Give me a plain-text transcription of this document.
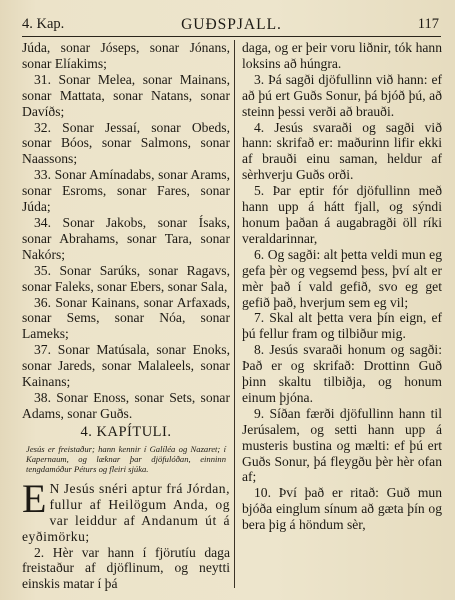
4. Kap.	GUÐSPJALL.	117

Júda, sonar Jóseps, sonar Jónans, sonar Elíakims;

31. Sonar Melea, sonar Mainans, sonar Mattata, sonar Natans, sonar Davíðs;

32. Sonar Jessaí, sonar Obeds, sonar Bóos, sonar Salmons, sonar Naassons;

33. Sonar Amínadabs, sonar Arams, sonar Esroms, sonar Fares, sonar Júda;

34. Sonar Jakobs, sonar Ísaks, sonar Abrahams, sonar Tara, sonar Nakórs;

35. Sonar Sarúks, sonar Ragavs, sonar Faleks, sonar Ebers, sonar Sala,

36. Sonar Kainans, sonar Arfaxads, sonar Sems, sonar Nóa, sonar Lameks;

37. Sonar Matúsala, sonar Enoks, sonar Jareds, sonar Malaleels, sonar Kainans;

38. Sonar Enoss, sonar Sets, sonar Adams, sonar Guðs.

4. KAPÍTULI.
Jesús er freistaður; hann kennir í Galíléa og Nazaret; í Kapernaum, og læknar þar djöfulóðan, einninn tengdamóður Péturs og fleiri sjúka.
E N Jesús snéri aptur frá Jórdan, fullur af Heilögum Anda, og var leiddur af Andanum út á eyðimörku;

2. Hèr var hann í fjörutíu daga freistaður af djöflinum, og neytti einskis matar í þá

daga, og er þeir voru liðnir, tók hann loksins að húngra.

3. Þá sagði djöfullinn við hann: ef að þú ert Guðs Sonur, þá bjóð þú, að steinn þessi verði að brauði.

4. Jesús svaraði og sagði við hann: skrifað er: maðurinn lifir ekki af brauði einu saman, heldur af sèrhverju Guðs orði.

5. Þar eptir fór djöfullinn með hann upp á hátt fjall, og sýndi honum þaðan á augabragði öll ríki veraldarinnar,

6. Og sagði: alt þetta veldi mun eg gefa þèr og vegsemd þess, því alt er mèr það í vald gefið, svo eg get gefið það, hverjum sem eg vil;

7. Skal alt þetta vera þín eign, ef þú fellur fram og tilbiður mig.

8. Jesús svaraði honum og sagði: Það er og skrifað: Drottinn Guð þinn skaltu tilbiðja, og honum einum þjóna.

9. Síðan færði djöfullinn hann til Jerúsalem, og setti hann upp á musteris bustina og mælti: ef þú ert Guðs Sonur, þá fleygðu þèr hèr ofan af;

10. Því það er ritað: Guð mun bjóða einglum sínum að gæta þín og bera þig á höndum sèr,
